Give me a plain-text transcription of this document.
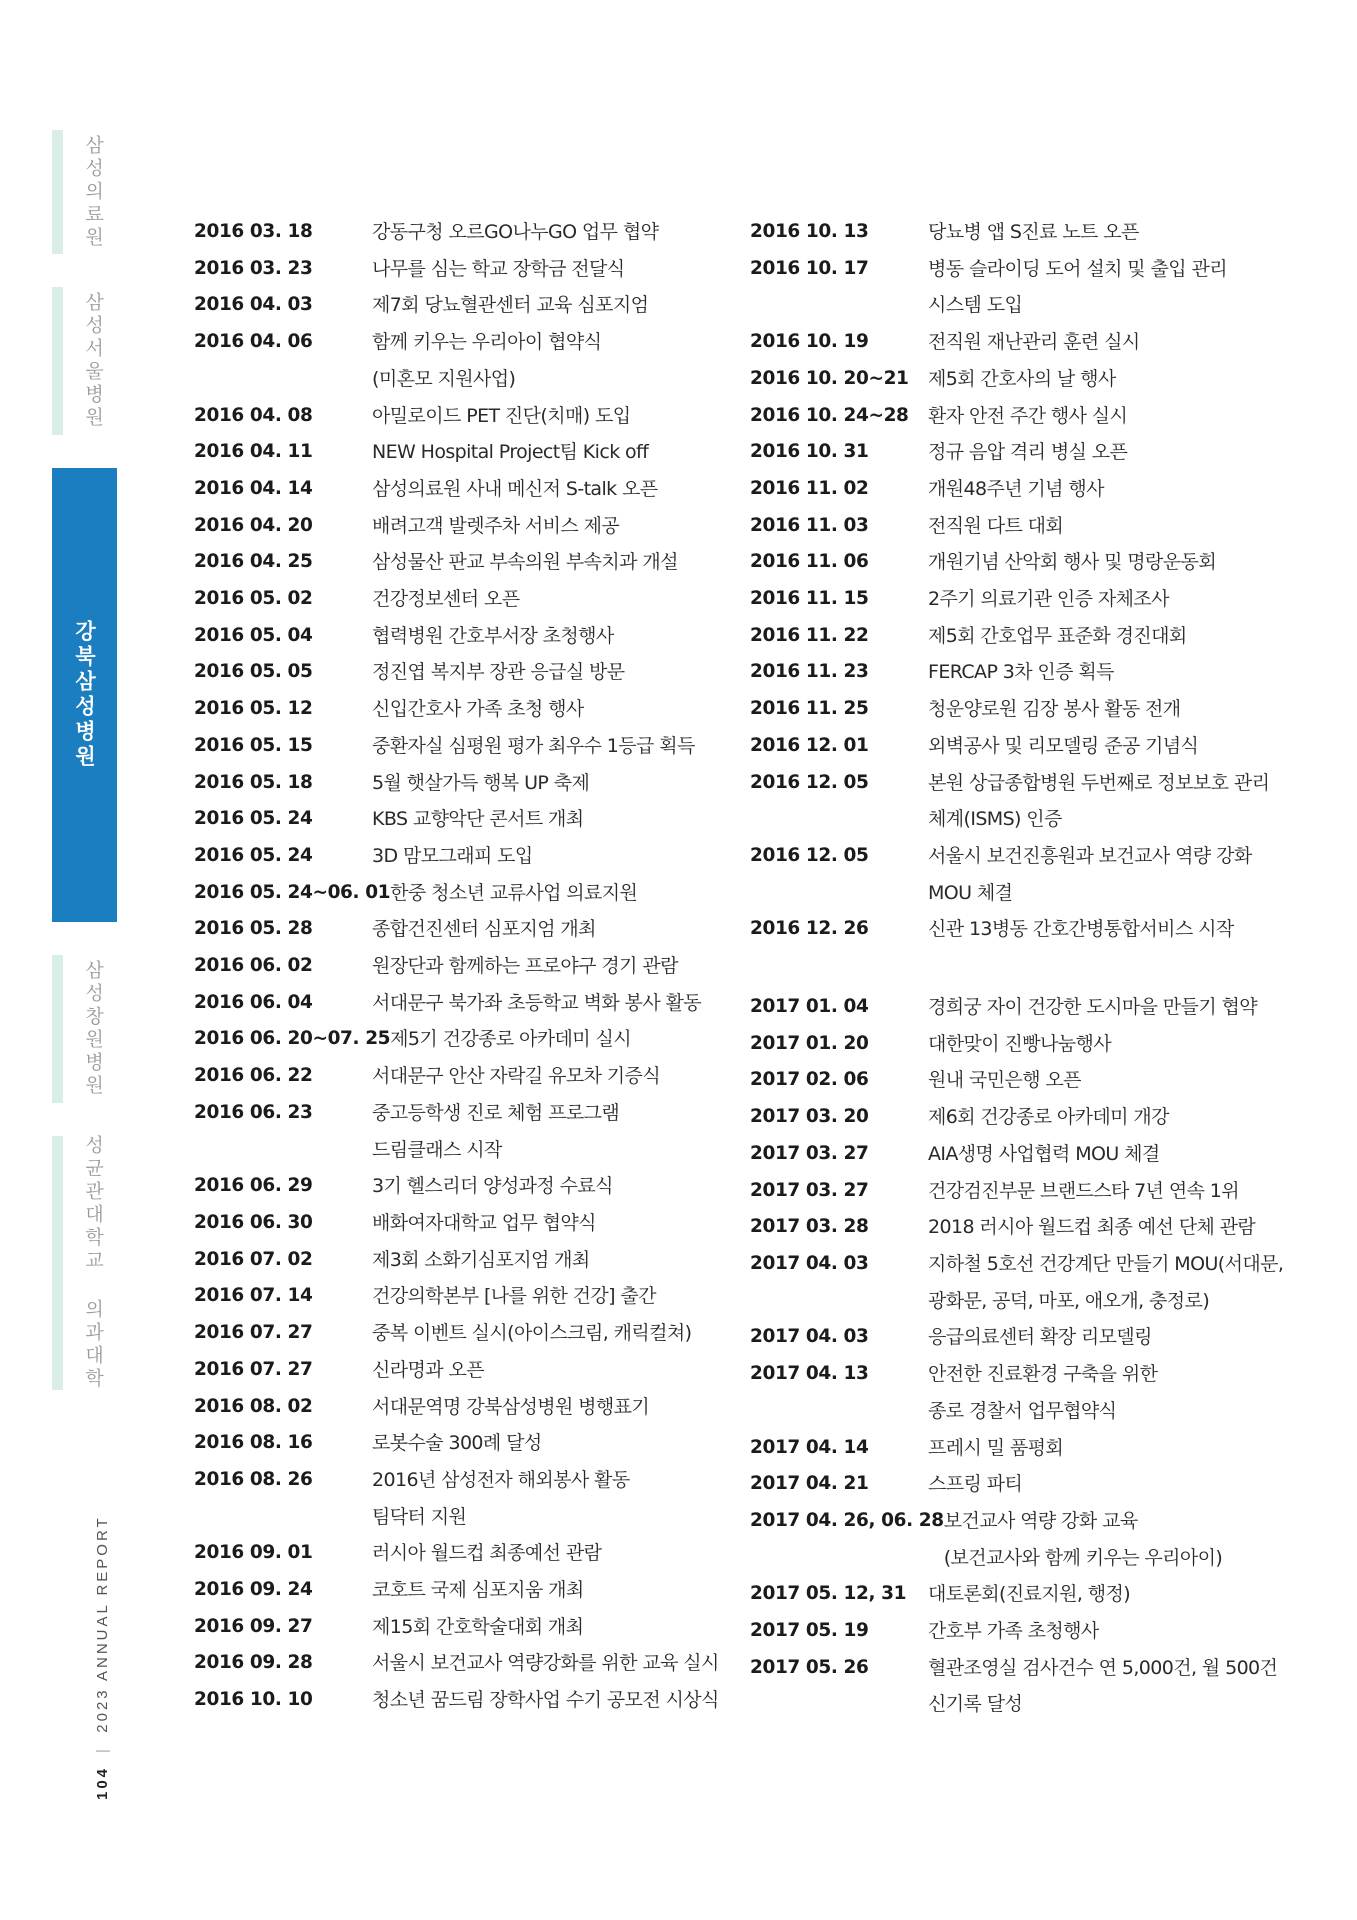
삼성의료원
삼성서울병원
강북삼성병원
삼성창원병원
성균관대학교 의과대학
104 | 2023 ANNUAL REPORT
2016 03. 18	강동구청 오르GO나누GO 업무 협약
2016 03. 23	나무를 심는 학교 장학금 전달식
2016 04. 03	제7회 당뇨혈관센터 교육 심포지엄
2016 04. 06	함께 키우는 우리아이 협약식
(미혼모 지원사업)
2016 04. 08	아밀로이드 PET 진단(치매) 도입
2016 04. 11	NEW Hospital Project팀 Kick off
2016 04. 14	삼성의료원 사내 메신저 S-talk 오픈
2016 04. 20	배려고객 발렛주차 서비스 제공
2016 04. 25	삼성물산 판교 부속의원 부속치과 개설
2016 05. 02	건강정보센터 오픈
2016 05. 04	협력병원 간호부서장 초청행사
2016 05. 05	정진엽 복지부 장관 응급실 방문
2016 05. 12	신입간호사 가족 초청 행사
2016 05. 15	중환자실 심평원 평가 최우수 1등급 획득
2016 05. 18	5월 햇살가득 행복 UP 축제
2016 05. 24	KBS 교향악단 콘서트 개최
2016 05. 24	3D 맘모그래피 도입
2016 05. 24~06. 01 한중 청소년 교류사업 의료지원
2016 05. 28	종합건진센터 심포지엄 개최
2016 06. 02	원장단과 함께하는 프로야구 경기 관람
2016 06. 04	서대문구 북가좌 초등학교 벽화 봉사 활동
2016 06. 20~07. 25 제5기 건강종로 아카데미 실시
2016 06. 22	서대문구 안산 자락길 유모차 기증식
2016 06. 23	중고등학생 진로 체험 프로그램
드림클래스 시작
2016 06. 29	3기 헬스리더 양성과정 수료식
2016 06. 30	배화여자대학교 업무 협약식
2016 07. 02	제3회 소화기심포지엄 개최
2016 07. 14	건강의학본부 [나를 위한 건강] 출간
2016 07. 27	중복 이벤트 실시(아이스크림, 캐릭컬쳐)
2016 07. 27	신라명과 오픈
2016 08. 02	서대문역명 강북삼성병원 병행표기
2016 08. 16	로봇수술 300례 달성
2016 08. 26	2016년 삼성전자 해외봉사 활동
팀닥터 지원
2016 09. 01	러시아 월드컵 최종예선 관람
2016 09. 24	코호트 국제 심포지움 개최
2016 09. 27	제15회 간호학술대회 개최
2016 09. 28	서울시 보건교사 역량강화를 위한 교육 실시
2016 10. 10	청소년 꿈드림 장학사업 수기 공모전 시상식
2016 10. 13	당뇨병 앱 S진료 노트 오픈
2016 10. 17	병동 슬라이딩 도어 설치 및 출입 관리
시스템 도입
2016 10. 19	전직원 재난관리 훈련 실시
2016 10. 20~21	제5회 간호사의 날 행사
2016 10. 24~28	환자 안전 주간 행사 실시
2016 10. 31	정규 음압 격리 병실 오픈
2016 11. 02	개원48주년 기념 행사
2016 11. 03	전직원 다트 대회
2016 11. 06	개원기념 산악회 행사 및 명랑운동회
2016 11. 15	2주기 의료기관 인증 자체조사
2016 11. 22	제5회 간호업무 표준화 경진대회
2016 11. 23	FERCAP 3차 인증 획득
2016 11. 25	청운양로원 김장 봉사 활동 전개
2016 12. 01	외벽공사 및 리모델링 준공 기념식
2016 12. 05	본원 상급종합병원 두번째로 정보보호 관리
체계(ISMS) 인증
2016 12. 05	서울시 보건진흥원과 보건교사 역량 강화
MOU 체결
2016 12. 26	신관 13병동 간호간병통합서비스 시작
2017 01. 04	경희궁 자이 건강한 도시마을 만들기 협약
2017 01. 20	대한맞이 진빵나눔행사
2017 02. 06	원내 국민은행 오픈
2017 03. 20	제6회 건강종로 아카데미 개강
2017 03. 27	AIA생명 사업협력 MOU 체결
2017 03. 27	건강검진부문 브랜드스타 7년 연속 1위
2017 03. 28	2018 러시아 월드컵 최종 예선 단체 관람
2017 04. 03	지하철 5호선 건강계단 만들기 MOU(서대문,
광화문, 공덕, 마포, 애오개, 충정로)
2017 04. 03	응급의료센터 확장 리모델링
2017 04. 13	안전한 진료환경 구축을 위한
종로 경찰서 업무협약식
2017 04. 14	프레시 밀 품평회
2017 04. 21	스프링 파티
2017 04. 26, 06. 28 보건교사 역량 강화 교육
(보건교사와 함께 키우는 우리아이)
2017 05. 12, 31	대토론회(진료지원, 행정)
2017 05. 19	간호부 가족 초청행사
2017 05. 26	혈관조영실 검사건수 연 5,000건, 월 500건
신기록 달성
